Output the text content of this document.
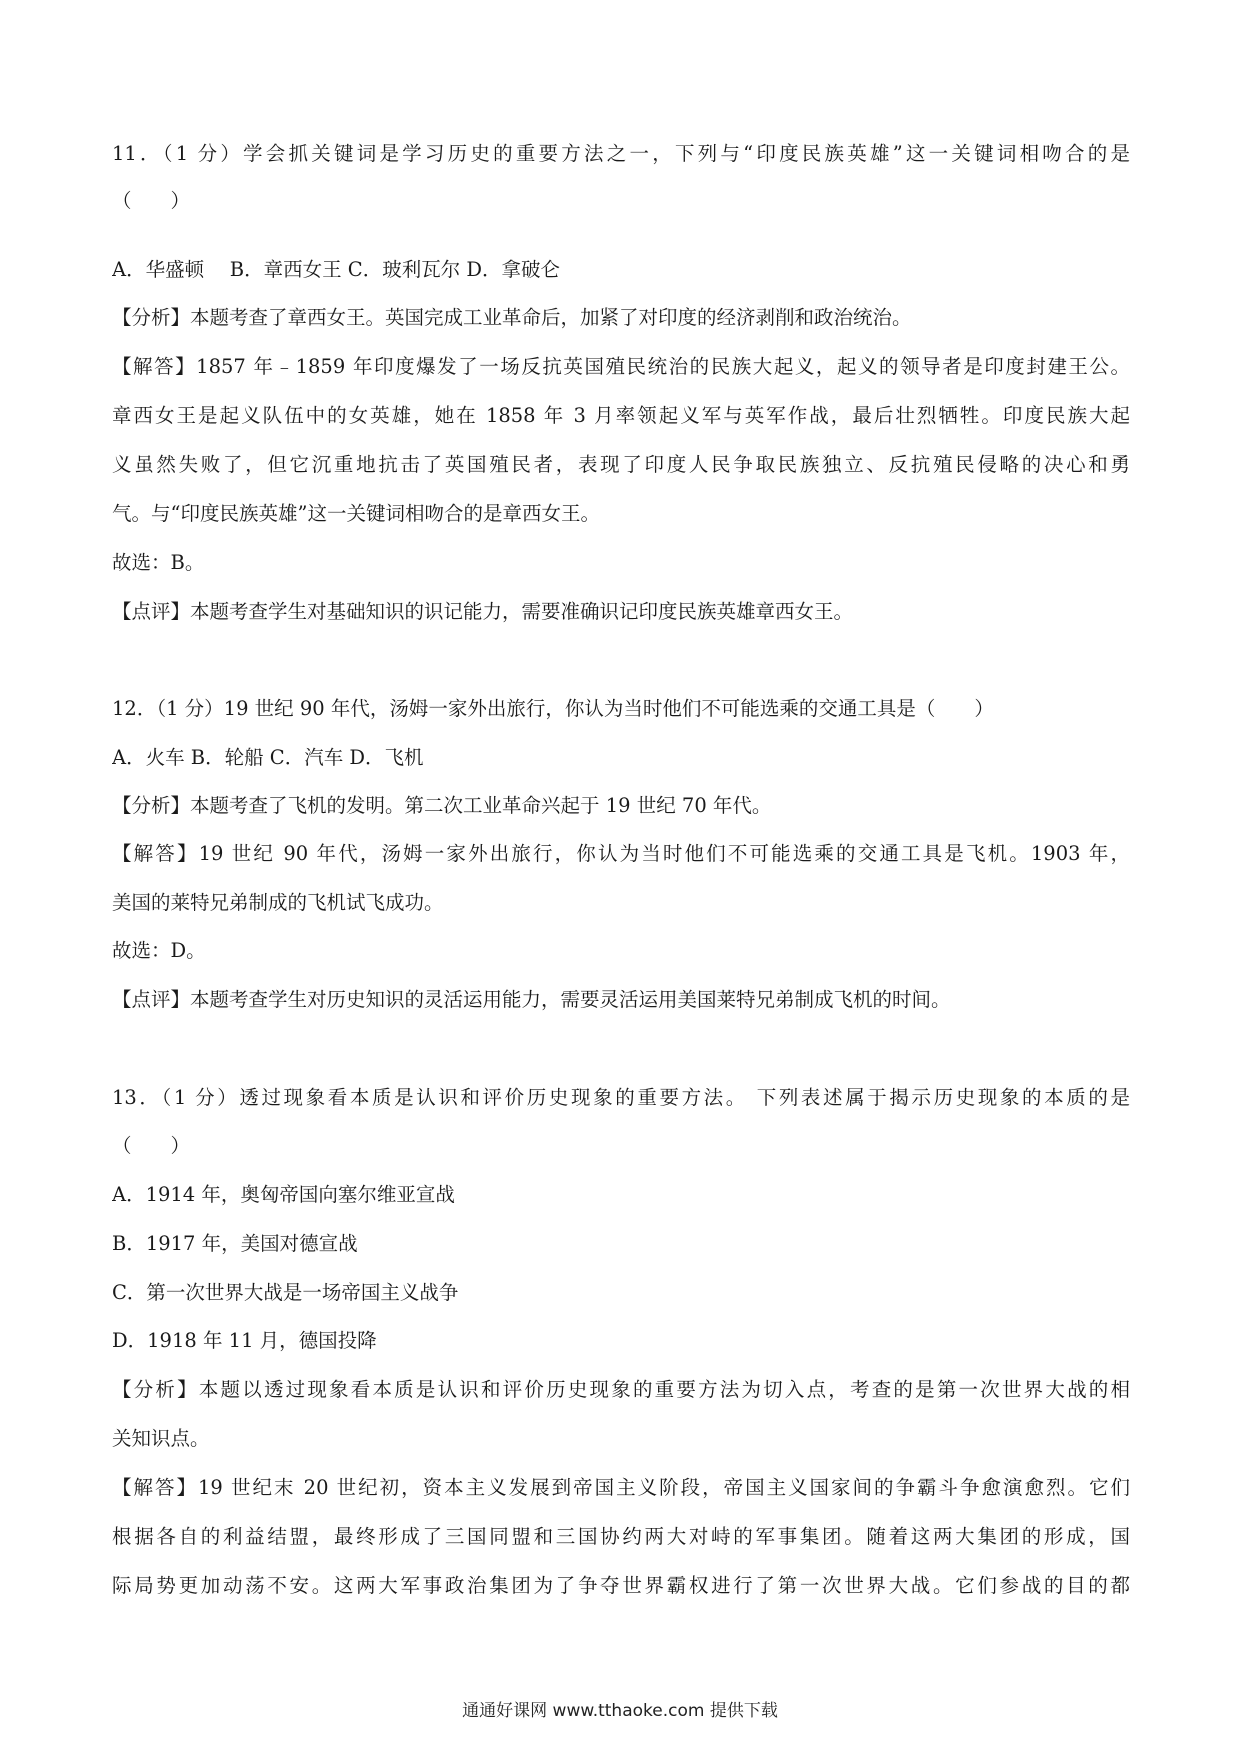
11．（1 分）学会抓关键词是学习历史的重要方法之一，下列与“印度民族英雄”这一关键词相吻合的是
（　　）
A．华盛顿　 B．章西女王 C．玻利瓦尔 D．拿破仑
【分析】本题考查了章西女王。英国完成工业革命后，加紧了对印度的经济剥削和政治统治。
【解答】1857 年﹣1859 年印度爆发了一场反抗英国殖民统治的民族大起义，起义的领导者是印度封建王公。
章西女王是起义队伍中的女英雄，她在 1858 年 3 月率领起义军与英军作战，最后壮烈牺牲。印度民族大起
义虽然失败了，但它沉重地抗击了英国殖民者，表现了印度人民争取民族独立、反抗殖民侵略的决心和勇
气。与“印度民族英雄”这一关键词相吻合的是章西女王。
故选：B。
【点评】本题考查学生对基础知识的识记能力，需要准确识记印度民族英雄章西女王。
12．（1 分）19 世纪 90 年代，汤姆一家外出旅行，你认为当时他们不可能选乘的交通工具是（　　）
A．火车 B．轮船 C．汽车 D．飞机
【分析】本题考查了飞机的发明。第二次工业革命兴起于 19 世纪 70 年代。
【解答】19 世纪 90 年代，汤姆一家外出旅行，你认为当时他们不可能选乘的交通工具是飞机。1903 年，
美国的莱特兄弟制成的飞机试飞成功。
故选：D。
【点评】本题考查学生对历史知识的灵活运用能力，需要灵活运用美国莱特兄弟制成飞机的时间。
13．（1 分）透过现象看本质是认识和评价历史现象的重要方法。 下列表述属于揭示历史现象的本质的是
（　　）
A．1914 年，奥匈帝国向塞尔维亚宣战
B．1917 年，美国对德宣战
C．第一次世界大战是一场帝国主义战争
D．1918 年 11 月，德国投降
【分析】本题以透过现象看本质是认识和评价历史现象的重要方法为切入点，考查的是第一次世界大战的相
关知识点。
【解答】19 世纪末 20 世纪初，资本主义发展到帝国主义阶段，帝国主义国家间的争霸斗争愈演愈烈。它们
根据各自的利益结盟，最终形成了三国同盟和三国协约两大对峙的军事集团。随着这两大集团的形成，国
际局势更加动荡不安。这两大军事政治集团为了争夺世界霸权进行了第一次世界大战。它们参战的目的都
通通好课网 www.tthaoke.com 提供下载
